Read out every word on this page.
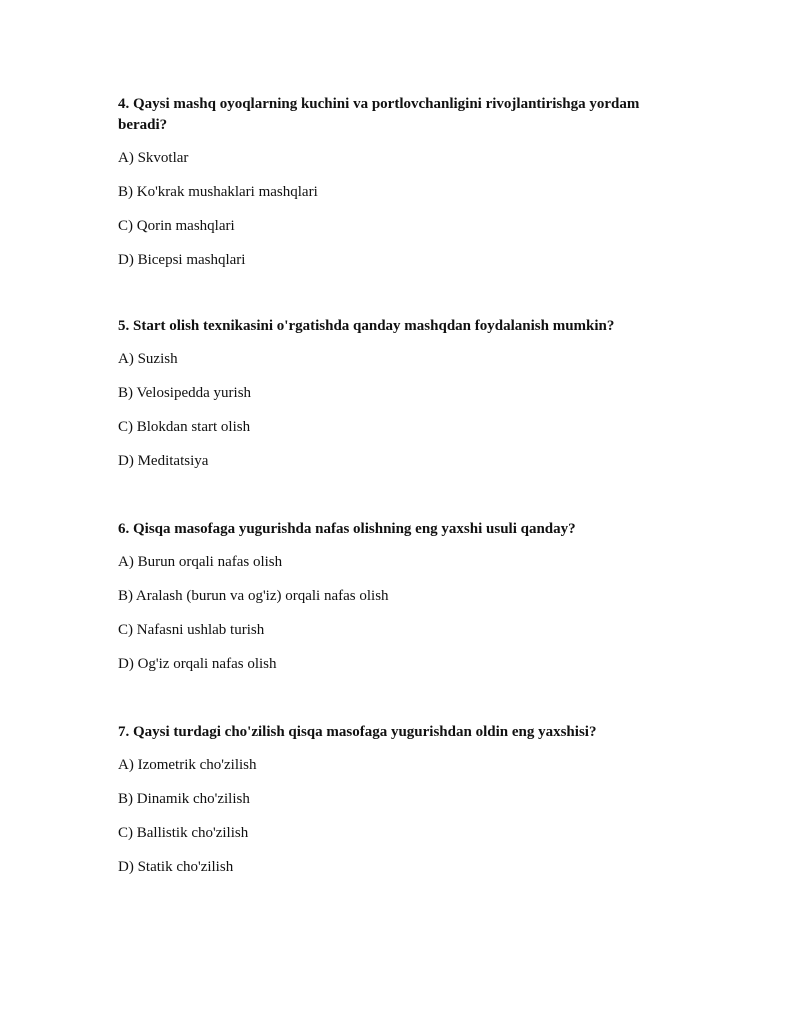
4. Qaysi mashq oyoqlarning kuchini va portlovchanligini rivojlantirishga yordam beradi?

A) Skvotlar

B) Ko'krak mushaklari mashqlari

C) Qorin mashqlari

D) Bicepsi mashqlari

5. Start olish texnikasini o'rgatishda qanday mashqdan foydalanish mumkin?

A) Suzish

B) Velosipedda yurish

C) Blokdan start olish

D) Meditatsiya

6. Qisqa masofaga yugurishda nafas olishning eng yaxshi usuli qanday?

A) Burun orqali nafas olish

B) Aralash (burun va og'iz) orqali nafas olish

C) Nafasni ushlab turish

D) Og'iz orqali nafas olish

7. Qaysi turdagi cho'zilish qisqa masofaga yugurishdan oldin eng yaxshisi?

A) Izometrik cho'zilish

B) Dinamik cho'zilish

C) Ballistik cho'zilish

D) Statik cho'zilish
